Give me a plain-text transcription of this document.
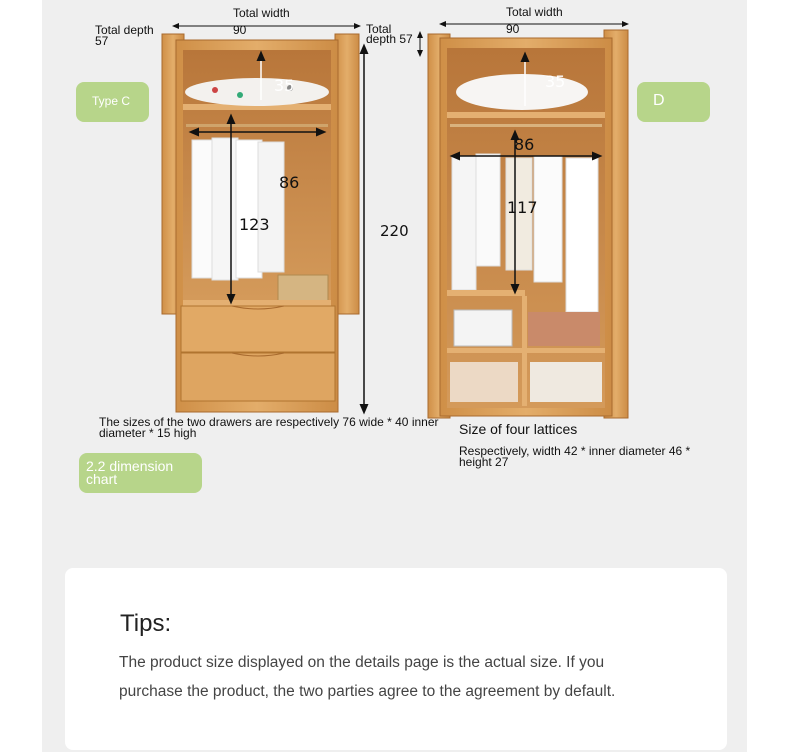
Total width
90
Total depth
57
35
86
123
Type C
The sizes of the two drawers are respectively 76 wide * 40 inner
diameter * 15 high
Total
depth 57
220
Total width
90
35
86
117
D
Size of four lattices
Respectively, width 42 * inner diameter 46 *
height 27
2.2 dimension
chart
Tips:
The product size displayed on the details page is the actual size. If you
purchase the product, the two parties agree to the agreement by default.
